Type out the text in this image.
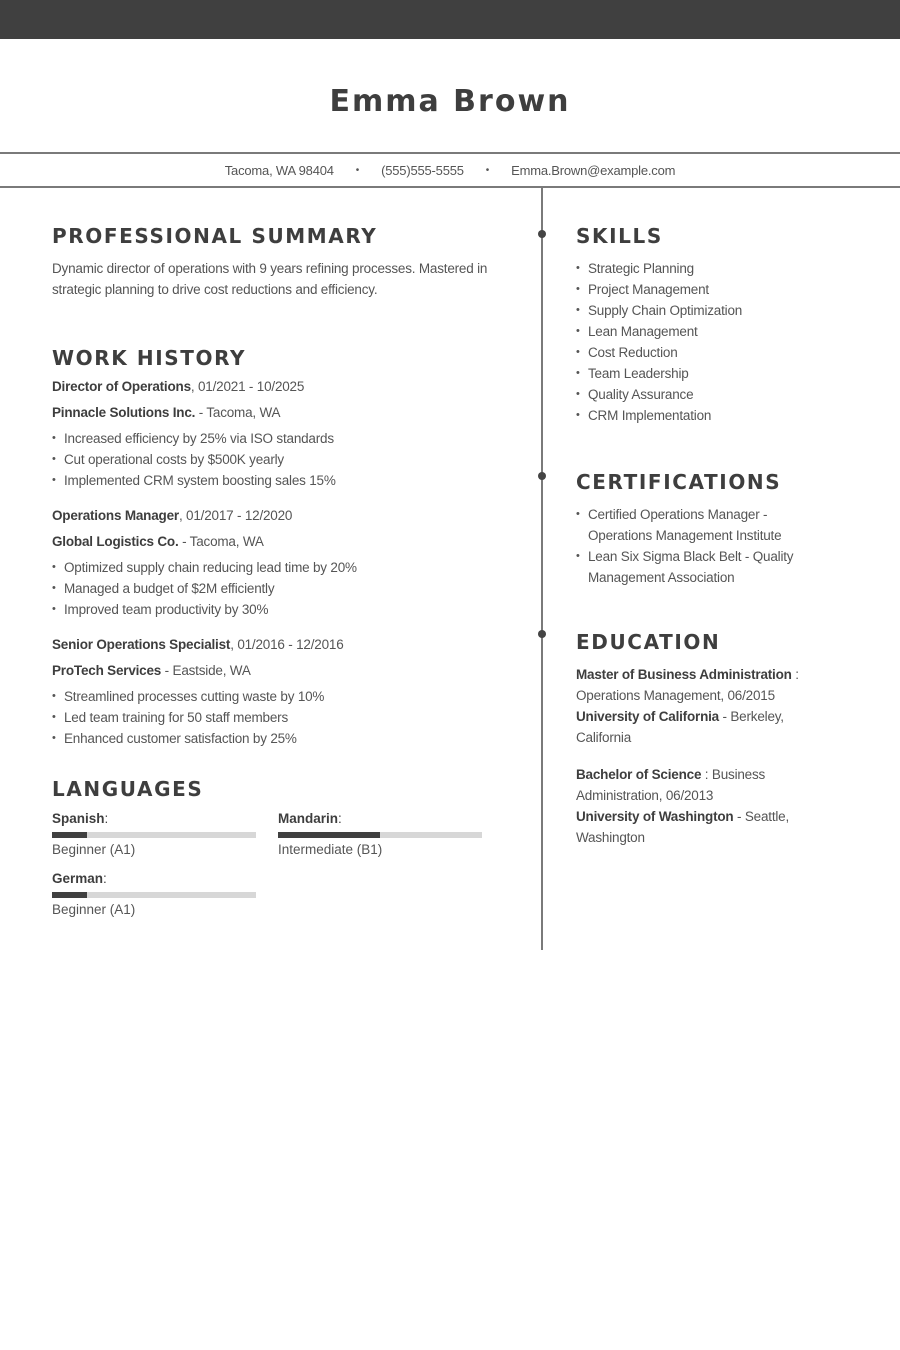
Emma Brown
Tacoma, WA 98404 • (555)555-5555 • Emma.Brown@example.com
PROFESSIONAL SUMMARY

Dynamic director of operations with 9 years refining processes. Mastered in strategic planning to drive cost reductions and efficiency.

WORK HISTORY
Director of Operations, 01/2021 - 10/2025
Pinnacle Solutions Inc. - Tacoma, WA
• Increased efficiency by 25% via ISO standards
• Cut operational costs by $500K yearly
• Implemented CRM system boosting sales 15%
Operations Manager, 01/2017 - 12/2020
Global Logistics Co. - Tacoma, WA
• Optimized supply chain reducing lead time by 20%
• Managed a budget of $2M efficiently
• Improved team productivity by 30%
Senior Operations Specialist, 01/2016 - 12/2016
ProTech Services - Eastside, WA
• Streamlined processes cutting waste by 10%
• Led team training for 50 staff members
• Enhanced customer satisfaction by 25%
LANGUAGES
Spanish:
Beginner (A1)
Mandarin:
Intermediate (B1)
German:
Beginner (A1)
SKILLS
• Strategic Planning
• Project Management
• Supply Chain Optimization
• Lean Management
• Cost Reduction
• Team Leadership
• Quality Assurance
• CRM Implementation
CERTIFICATIONS
• Certified Operations Manager - Operations Management Institute
• Lean Six Sigma Black Belt - Quality Management Association
EDUCATION
Master of Business Administration : Operations Management, 06/2015
University of California - Berkeley, California
Bachelor of Science : Business Administration, 06/2013
University of Washington - Seattle, Washington
